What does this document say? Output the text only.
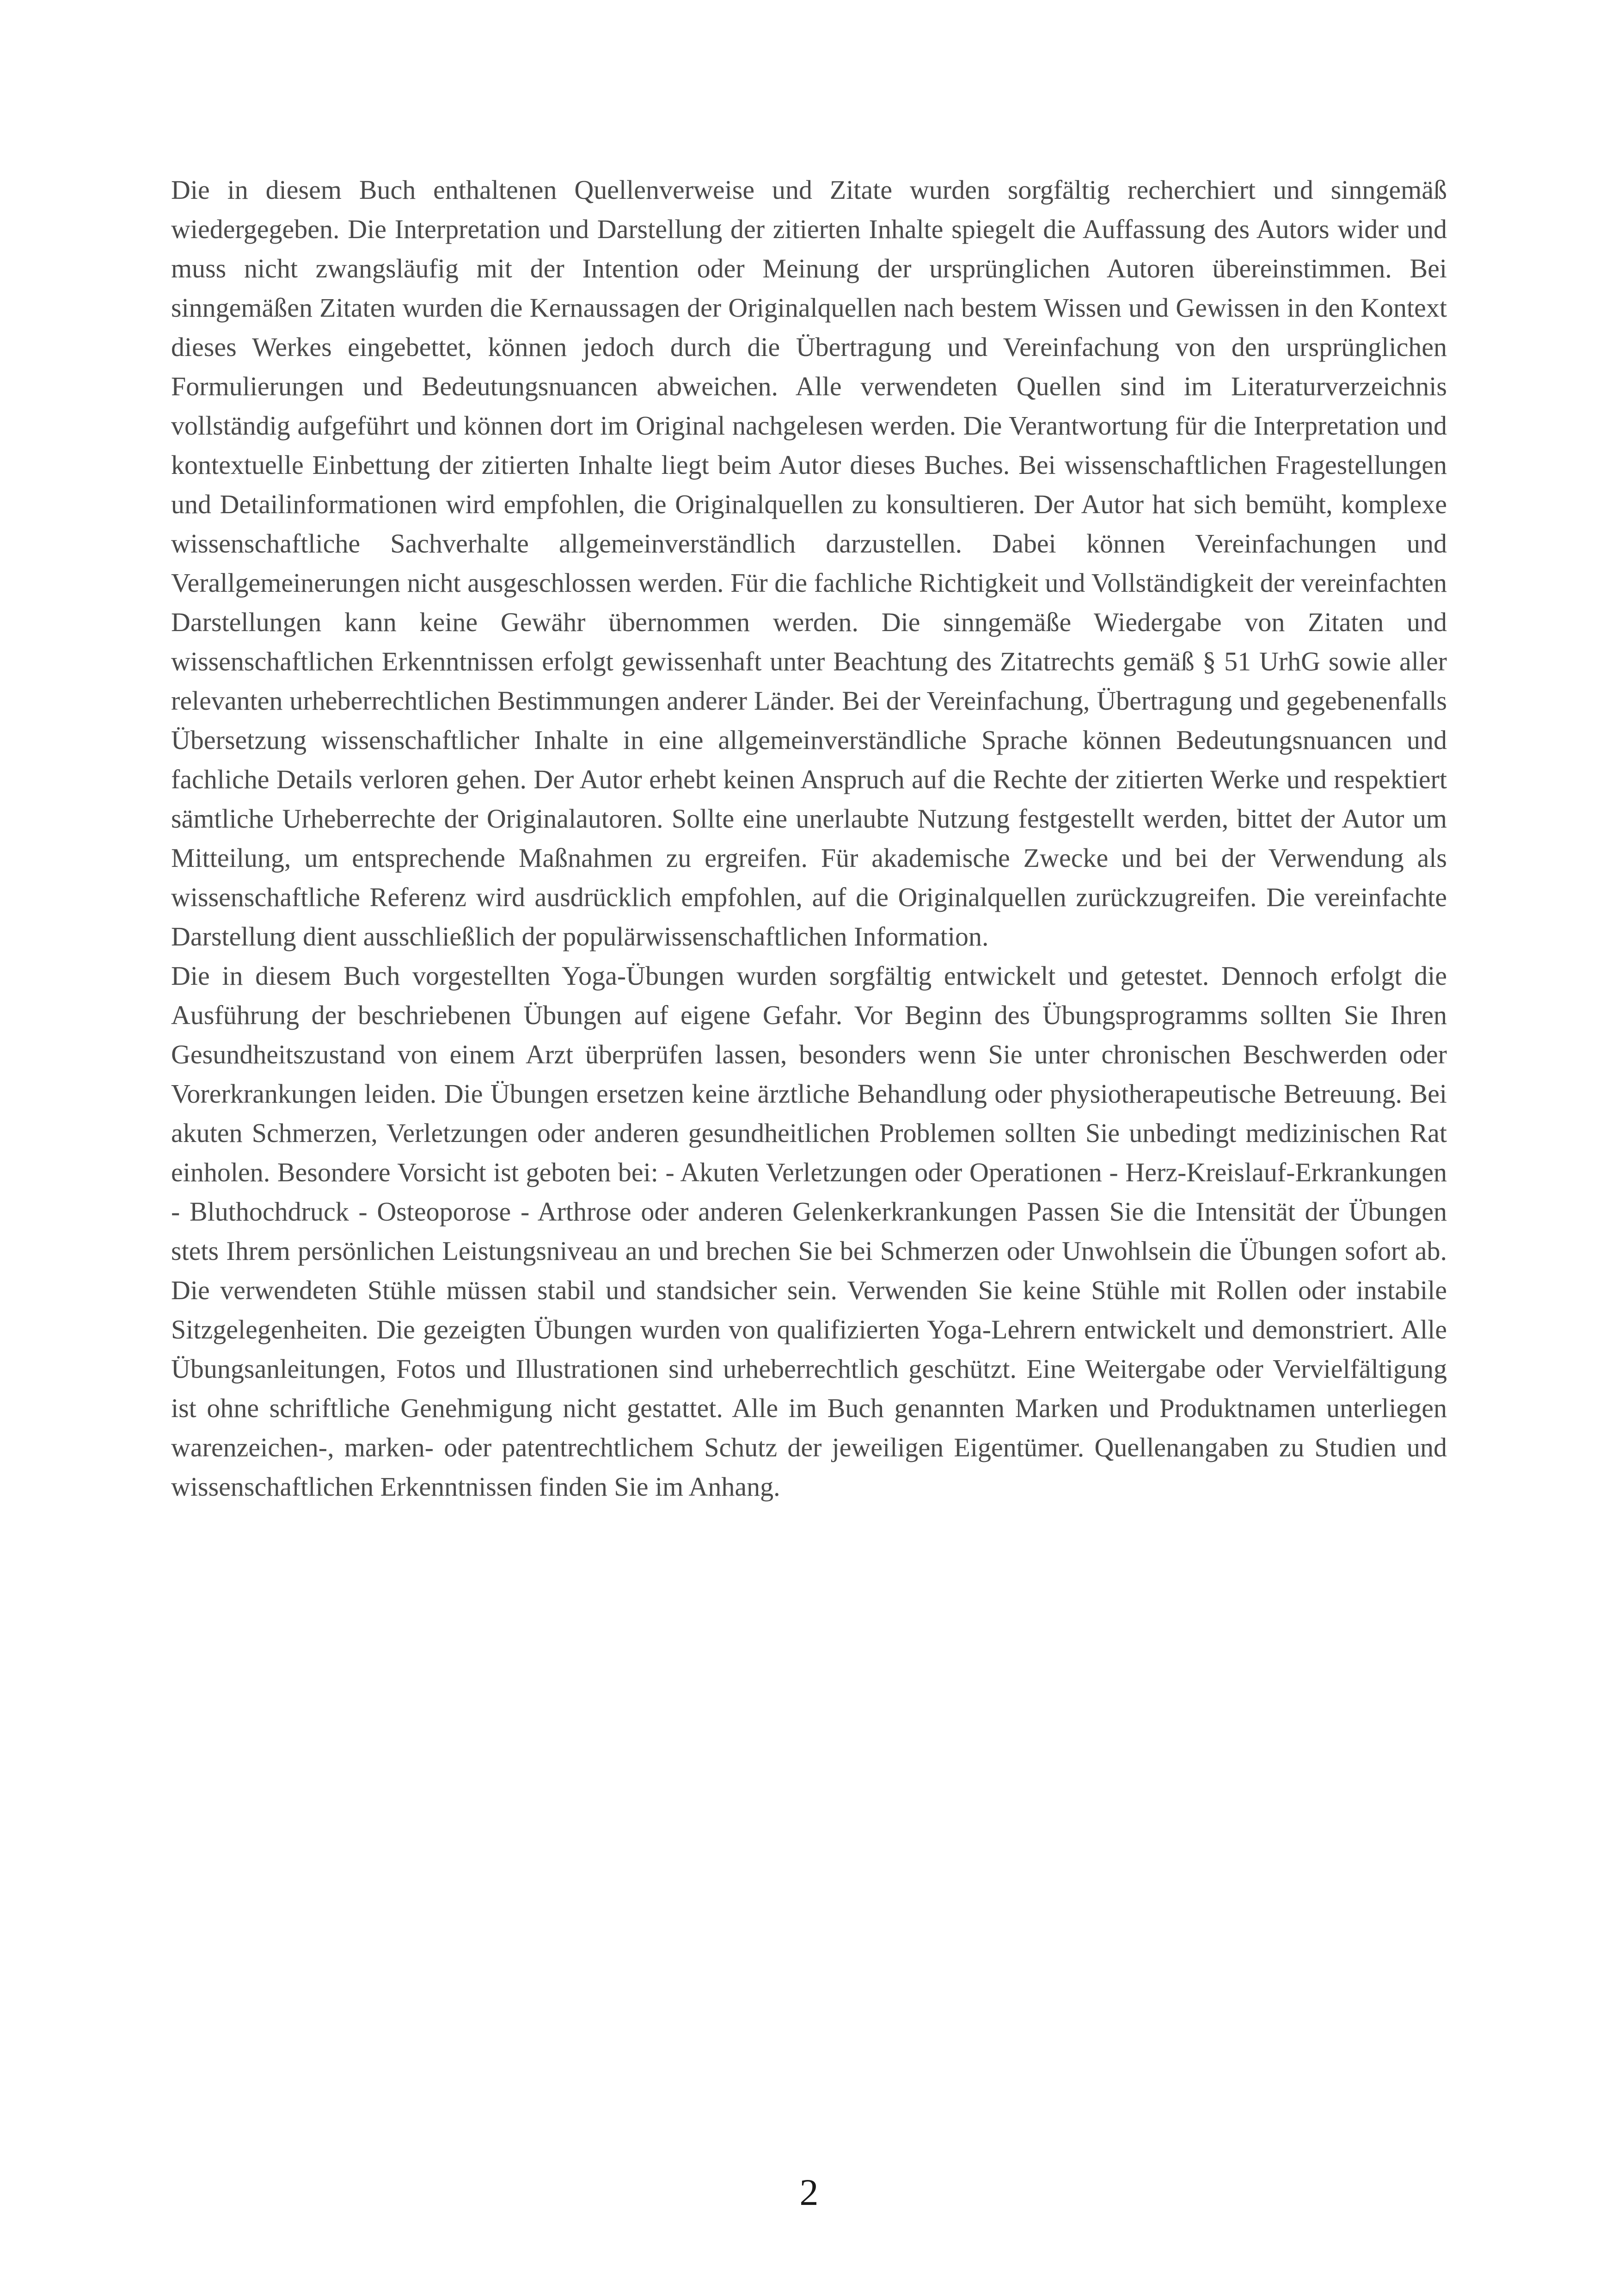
Die in diesem Buch enthaltenen Quellenverweise und Zitate wurden sorgfältig recherchiert und sinngemäß wiedergegeben. Die Interpretation und Darstellung der zitierten Inhalte spiegelt die Auffassung des Autors wider und muss nicht zwangsläufig mit der Intention oder Meinung der ursprünglichen Autoren übereinstimmen. Bei sinngemäßen Zitaten wurden die Kernaussagen der Originalquellen nach bestem Wissen und Gewissen in den Kontext dieses Werkes eingebettet, können jedoch durch die Übertragung und Vereinfachung von den ursprünglichen Formulierungen und Bedeutungsnuancen abweichen. Alle verwendeten Quellen sind im Literaturverzeichnis vollständig aufgeführt und können dort im Original nachgelesen werden. Die Verantwortung für die Interpretation und kontextuelle Einbettung der zitierten Inhalte liegt beim Autor dieses Buches. Bei wissenschaftlichen Fragestellungen und Detailinformationen wird empfohlen, die Originalquellen zu konsultieren. Der Autor hat sich bemüht, komplexe wissenschaftliche Sachverhalte allgemeinverständlich darzustellen. Dabei können Vereinfachungen und Verallgemeinerungen nicht ausgeschlossen werden. Für die fachliche Richtigkeit und Vollständigkeit der vereinfachten Darstellungen kann keine Gewähr übernommen werden. Die sinngemäße Wiedergabe von Zitaten und wissenschaftlichen Erkenntnissen erfolgt gewissenhaft unter Beachtung des Zitatrechts gemäß § 51 UrhG sowie aller relevanten urheberrechtlichen Bestimmungen anderer Länder. Bei der Vereinfachung, Übertragung und gegebenenfalls Übersetzung wissenschaftlicher Inhalte in eine allgemeinverständliche Sprache können Bedeutungsnuancen und fachliche Details verloren gehen. Der Autor erhebt keinen Anspruch auf die Rechte der zitierten Werke und respektiert sämtliche Urheberrechte der Originalautoren. Sollte eine unerlaubte Nutzung festgestellt werden, bittet der Autor um Mitteilung, um entsprechende Maßnahmen zu ergreifen. Für akademische Zwecke und bei der Verwendung als wissenschaftliche Referenz wird ausdrücklich empfohlen, auf die Originalquellen zurückzugreifen. Die vereinfachte Darstellung dient ausschließlich der populärwissenschaftlichen Information.

Die in diesem Buch vorgestellten Yoga-Übungen wurden sorgfältig entwickelt und getestet. Dennoch erfolgt die Ausführung der beschriebenen Übungen auf eigene Gefahr. Vor Beginn des Übungsprogramms sollten Sie Ihren Gesundheitszustand von einem Arzt überprüfen lassen, besonders wenn Sie unter chronischen Beschwerden oder Vorerkrankungen leiden. Die Übungen ersetzen keine ärztliche Behandlung oder physiotherapeutische Betreuung. Bei akuten Schmerzen, Verletzungen oder anderen gesundheitlichen Problemen sollten Sie unbedingt medizinischen Rat einholen. Besondere Vorsicht ist geboten bei: - Akuten Verletzungen oder Operationen - Herz-Kreislauf-Erkrankungen - Bluthochdruck - Osteoporose - Arthrose oder anderen Gelenkerkrankungen Passen Sie die Intensität der Übungen stets Ihrem persönlichen Leistungsniveau an und brechen Sie bei Schmerzen oder Unwohlsein die Übungen sofort ab. Die verwendeten Stühle müssen stabil und standsicher sein. Verwenden Sie keine Stühle mit Rollen oder instabile Sitzgelegenheiten. Die gezeigten Übungen wurden von qualifizierten Yoga-Lehrern entwickelt und demonstriert. Alle Übungsanleitungen, Fotos und Illustrationen sind urheberrechtlich geschützt. Eine Weitergabe oder Vervielfältigung ist ohne schriftliche Genehmigung nicht gestattet. Alle im Buch genannten Marken und Produktnamen unterliegen warenzeichen-, marken- oder patentrechtlichem Schutz der jeweiligen Eigentümer. Quellenangaben zu Studien und wissenschaftlichen Erkenntnissen finden Sie im Anhang.

2
